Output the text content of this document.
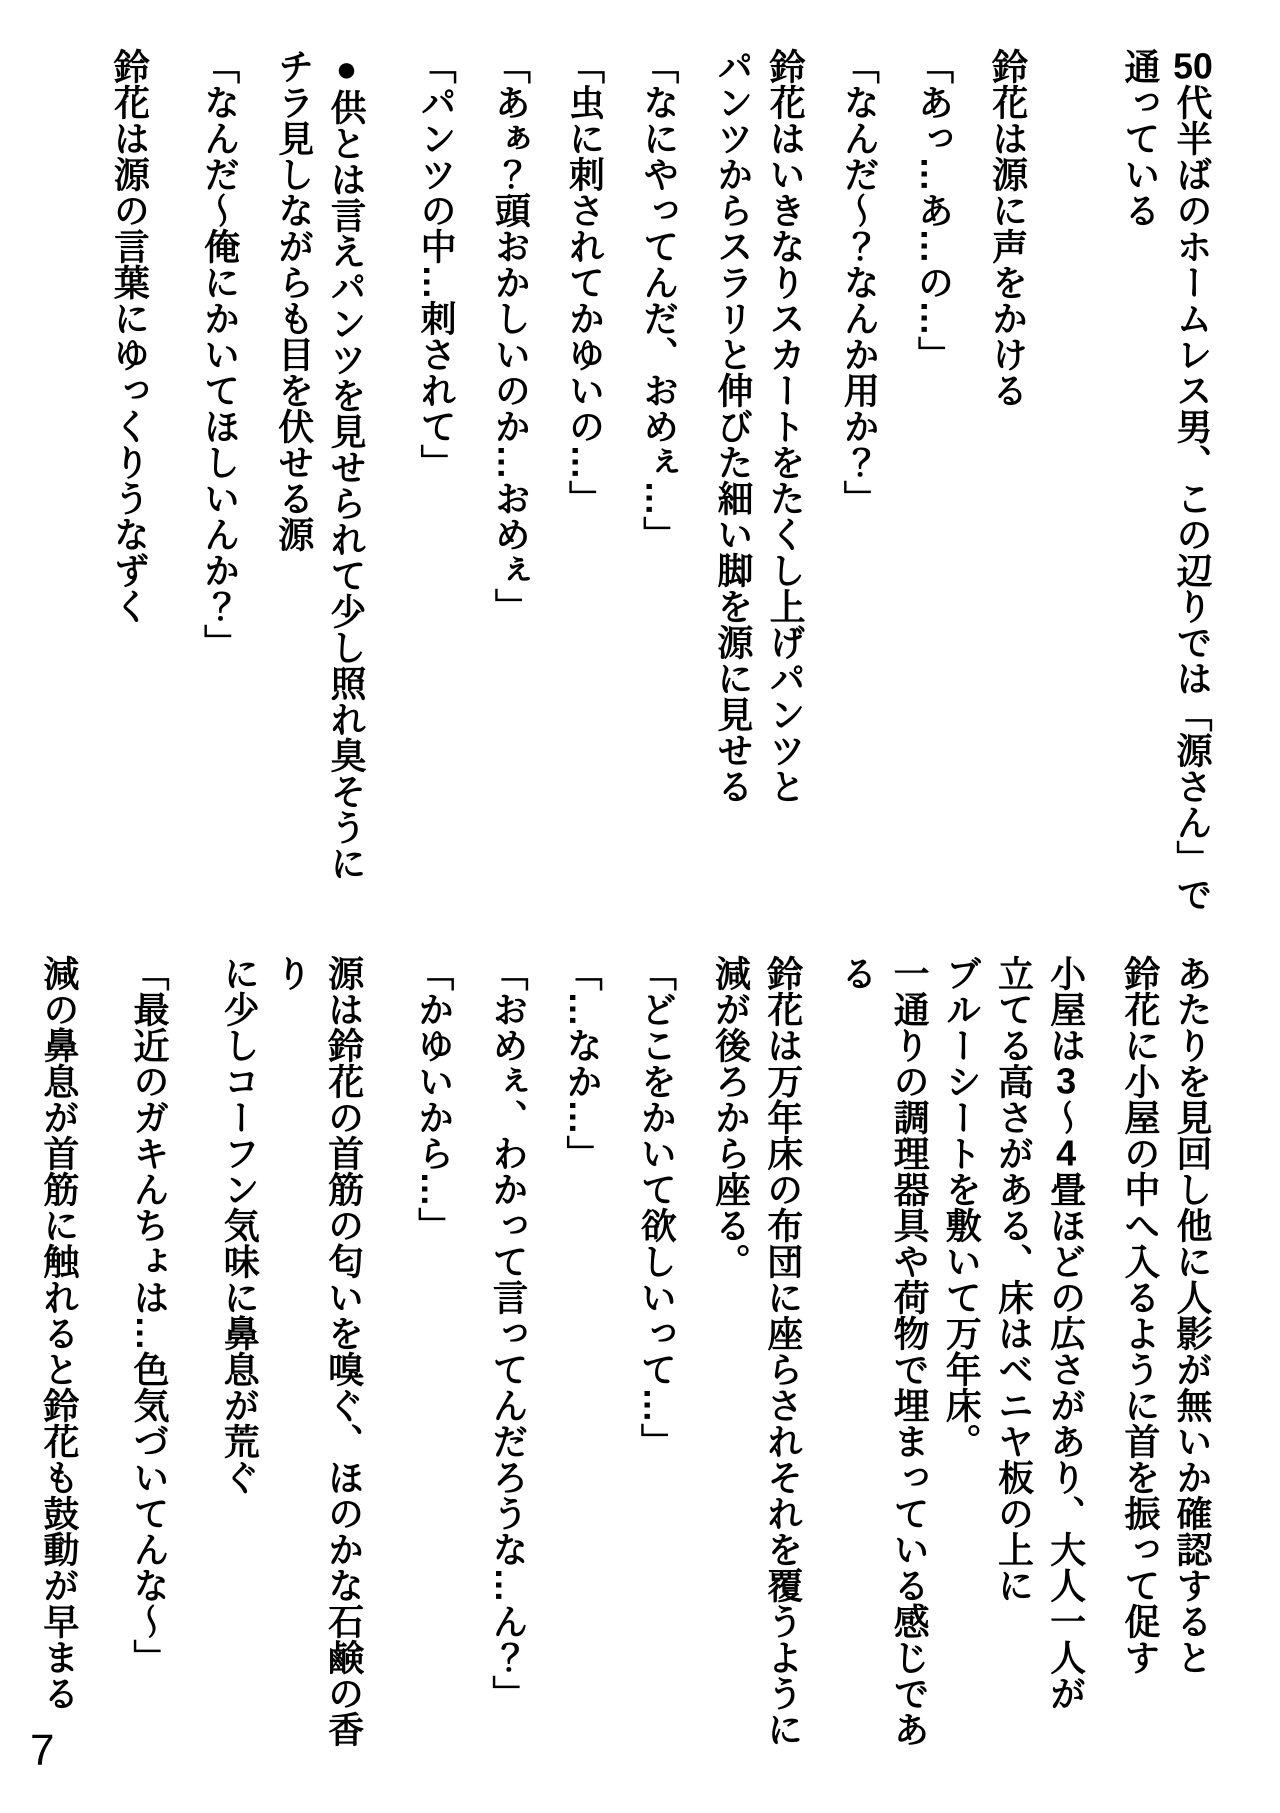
50代半ばのホームレス男、この辺りでは「源さん」で
通っている

鈴花は源に声をかける

「あっ…あ…の…」

「なんだ〜？なんか用か？」

鈴花はいきなりスカートをたくし上げパンツと
パンツからスラリと伸びた細い脚を源に見せる

「なにやってんだ、おめぇ…」

「虫に刺されてかゆいの…」

「あぁ？頭おかしいのか…おめぇ」

「パンツの中…刺されて」

●供とは言えパンツを見せられて少し照れ臭そうに
チラ見しながらも目を伏せる源

「なんだ〜俺にかいてほしいんか？」

鈴花は源の言葉にゆっくりうなずく

あたりを見回し他に人影が無いか確認すると
鈴花に小屋の中へ入るように首を振って促す

小屋は3〜4畳ほどの広さがあり、大人一人が
立てる高さがある、床はベニヤ板の上に
ブルーシートを敷いて万年床。
一通りの調理器具や荷物で埋まっている感じである

鈴花は万年床の布団に座らされそれを覆うように
減が後ろから座る。

「どこをかいて欲しいって…」

「…なか…」

「おめぇ、わかって言ってんだろうな…ん？」

「かゆいから…」

源は鈴花の首筋の匂いを嗅ぐ、ほのかな石鹸の香り
に少しコーフン気味に鼻息が荒ぐ

「最近のガキんちょは…色気づいてんな〜」

減の鼻息が首筋に触れると鈴花も鼓動が早まる

7
